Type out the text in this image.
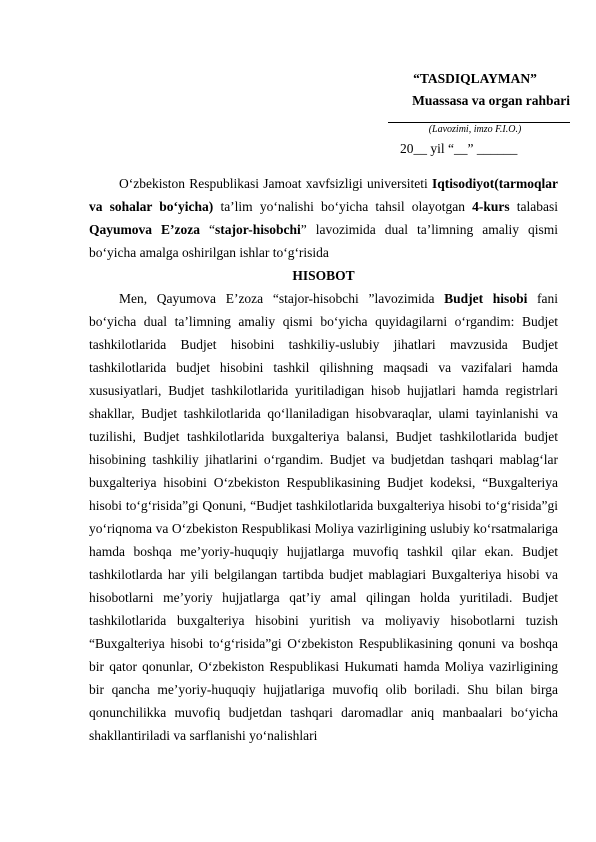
“TASDIQLAYMAN”
Muassasa va organ rahbari
(Lavozimi, imzo F.I.O.)
20__ yil “__” ______

O‘zbekiston Respublikasi Jamoat xavfsizligi universiteti Iqtisodiyot(tarmoqlar va sohalar bo‘yicha) ta’lim yo‘nalishi bo‘yicha tahsil olayotgan 4-kurs talabasi Qayumova E’zoza “stajor-hisobchi” lavozimida dual ta’limning amaliy qismi bo‘yicha amalga oshirilgan ishlar to‘g‘risida

HISOBOT

Men, Qayumova E’zoza “stajor-hisobchi ”lavozimida Budjet hisobi fani bo‘yicha dual ta’limning amaliy qismi bo‘yicha quyidagilarni o‘rgandim: Budjet tashkilotlarida Budjet hisobini tashkiliy-uslubiy jihatlari mavzusida Budjet tashkilotlarida budjet hisobini tashkil qilishning maqsadi va vazifalari hamda xususiyatlari, Budjet tashkilotlarida yuritiladigan hisob hujjatlari hamda registrlari shakllar, Budjet tashkilotlarida qo‘llaniladigan hisobvaraqlar, ulami tayinlanishi va tuzilishi, Budjet tashkilotlarida buxgalteriya balansi, Budjet tashkilotlarida budjet hisobining tashkiliy jihatlarini o‘rgandim. Budjet va budjetdan tashqari mablag‘lar buxgalteriya hisobini O‘zbekiston Respublikasining Budjet kodeksi, “Buxgalteriya hisobi to‘g‘risida”gi Qonuni, “Budjet tashkilotlarida buxgalteriya hisobi to‘g‘risida”gi yo‘riqnoma va O‘zbekiston Respublikasi Moliya vazirligining uslubiy ko‘rsatmalariga hamda boshqa me’yoriy-huquqiy hujjatlarga muvofiq tashkil qilar ekan. Budjet tashkilotlarda har yili belgilangan tartibda budjet mablagiari Buxgalteriya hisobi va hisobotlarni me’yoriy hujjatlarga qat’iy amal qilingan holda yuritiladi. Budjet tashkilotlarida buxgalteriya hisobini yuritish va moliyaviy hisobotlarni tuzish “Buxgalteriya hisobi to‘g‘risida”gi O‘zbekiston Respublikasining qonuni va boshqa bir qator qonunlar, O‘zbekiston Respublikasi Hukumati hamda Moliya vazirligining bir qancha me’yoriy-huquqiy hujjatlariga muvofiq olib boriladi. Shu bilan birga qonunchilikka muvofiq budjetdan tashqari daromadlar aniq manbaalari bo‘yicha shakllantiriladi va sarflanishi yo‘nalishlari
